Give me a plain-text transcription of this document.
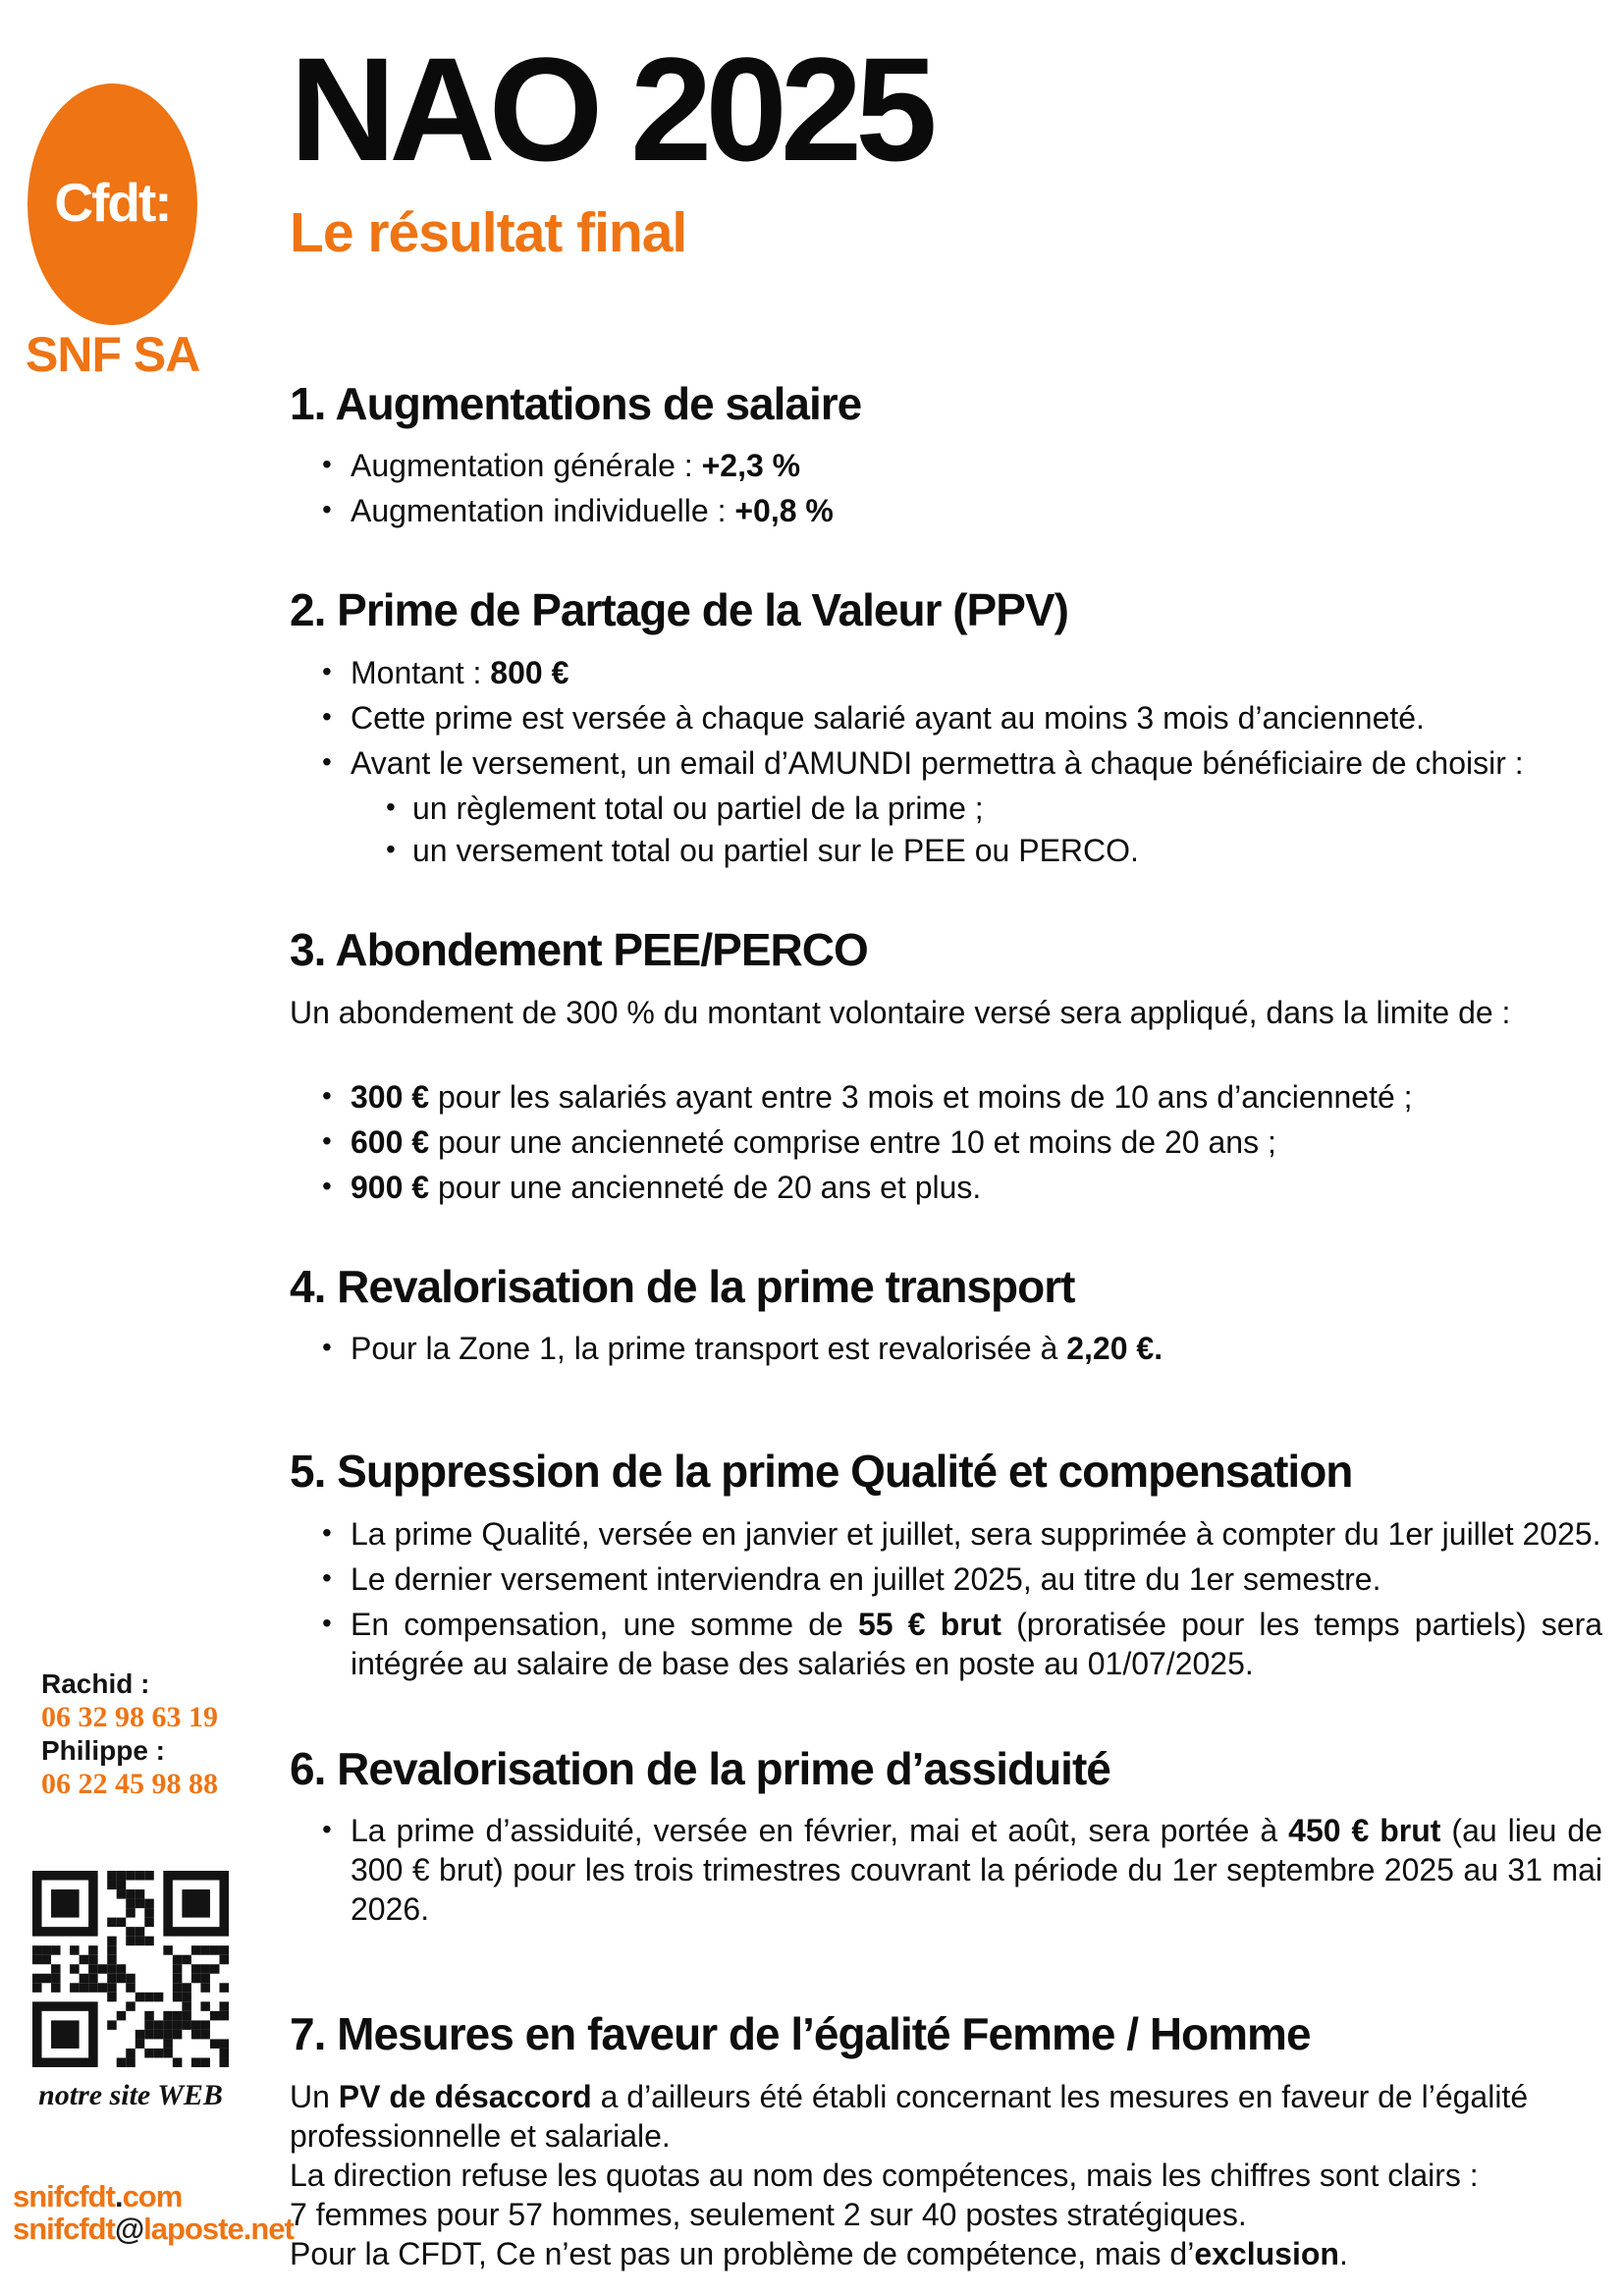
Cfdt:
SNF SA
Rachid :
06 32 98 63 19
Philippe :
06 22 45 98 88
notre site WEB
snifcfdt.com
snifcfdt@laposte.net
NAO 2025
Le résultat final
1. Augmentations de salaire
• Augmentation générale : +2,3 %
• Augmentation individuelle : +0,8 %
2. Prime de Partage de la Valeur (PPV)
• Montant : 800 €
• Cette prime est versée à chaque salarié ayant au moins 3 mois d’ancienneté.
• Avant le versement, un email d’AMUNDI permettra à chaque bénéficiaire de choisir :
• un règlement total ou partiel de la prime ;
• un versement total ou partiel sur le PEE ou PERCO.
3. Abondement PEE/PERCO
Un abondement de 300 % du montant volontaire versé sera appliqué, dans la limite de :
• 300 € pour les salariés ayant entre 3 mois et moins de 10 ans d’ancienneté ;
• 600 € pour une ancienneté comprise entre 10 et moins de 20 ans ;
• 900 € pour une ancienneté de 20 ans et plus.
4. Revalorisation de la prime transport
• Pour la Zone 1, la prime transport est revalorisée à 2,20 €.
5. Suppression de la prime Qualité et compensation
• La prime Qualité, versée en janvier et juillet, sera supprimée à compter du 1er juillet 2025.
• Le dernier versement interviendra en juillet 2025, au titre du 1er semestre.
• En compensation, une somme de 55 € brut (proratisée pour les temps partiels) sera intégrée au salaire de base des salariés en poste au 01/07/2025.
6. Revalorisation de la prime d’assiduité
• La prime d’assiduité, versée en février, mai et août, sera portée à 450 € brut (au lieu de 300 € brut) pour les trois trimestres couvrant la période du 1er septembre 2025 au 31 mai 2026.
7. Mesures en faveur de l’égalité Femme / Homme
Un PV de désaccord a d’ailleurs été établi concernant les mesures en faveur de l’égalité professionnelle et salariale.
La direction refuse les quotas au nom des compétences, mais les chiffres sont clairs :
7 femmes pour 57 hommes, seulement 2 sur 40 postes stratégiques.
Pour la CFDT, Ce n’est pas un problème de compétence, mais d’exclusion.
